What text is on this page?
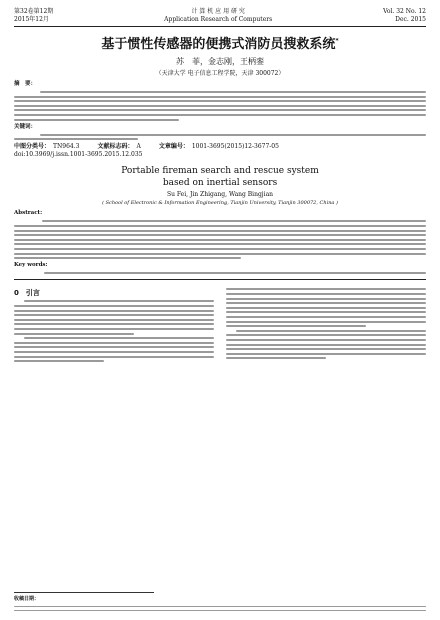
第32卷第12期
2015年12月
计 算 机 应 用 研 究
Application Research of Computers
Vol. 32 No. 12
Dec. 2015
基于惯性传感器的便携式消防员搜救系统*
苏　菲，金志刚，王柄銮
（天津大学 电子信息工程学院，天津 300072）
摘　要：
关键词：
中图分类号： TN964.3	文献标志码： A	文章编号： 1001-3695(2015)12-3677-05
doi:10.3969/j.issn.1001-3695.2015.12.035
Portable fireman search and rescue system
based on inertial sensors
Su Fei, Jin Zhigang, Wang Bingjian
( School of Electronic & Information Engineering, Tianjin University, Tianjin 300072, China )
Abstract:
Key words:
0　引言
收稿日期：
